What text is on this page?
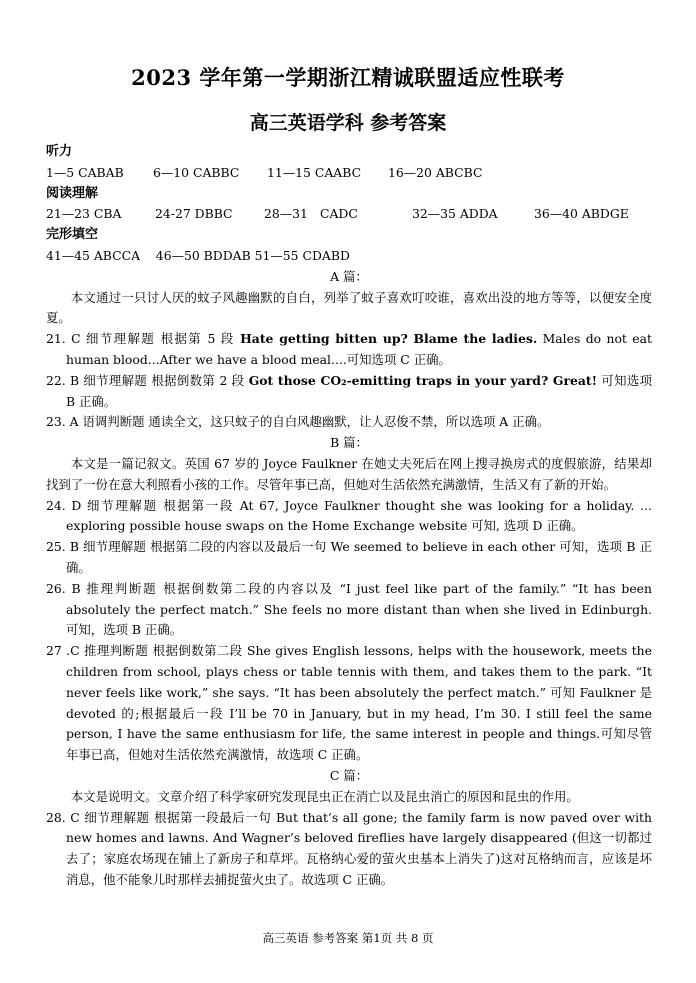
2023 学年第一学期浙江精诚联盟适应性联考
高三英语学科 参考答案
听力
1—5 CABAB	6—10 CABBC	11—15 CAABC	16—20 ABCBC
阅读理解
21—23 CBA	24-27 DBBC	28—31 CADC	32—35 ADDA	36—40 ABDGE
完形填空
41—45 ABCCA    46—50 BDDAB 51—55 CDABD
A 篇：
本文通过一只讨人厌的蚊子风趣幽默的自白，列举了蚊子喜欢叮咬谁，喜欢出没的地方等等，以便安全度夏。
21. C 细节理解题 根据第 5 段 Hate getting bitten up? Blame the ladies. Males do not eat human blood...After we have a blood meal....可知选项 C 正确。
22. B 细节理解题 根据倒数第 2 段 Got those CO₂-emitting traps in your yard? Great! 可知选项 B 正确。
23. A 语调判断题 通读全文，这只蚊子的自白风趣幽默，让人忍俊不禁，所以选项 A 正确。
B 篇：
本文是一篇记叙文。英国 67 岁的 Joyce Faulkner 在她丈夫死后在网上搜寻换房式的度假旅游，结果却找到了一份在意大利照看小孩的工作。尽管年事已高，但她对生活依然充满激情，生活又有了新的开始。
24. D 细节理解题 根据第一段 At 67, Joyce Faulkner thought she was looking for a holiday. ... exploring possible house swaps on the Home Exchange website 可知, 选项 D 正确。
25. B 细节理解题 根据第二段的内容以及最后一句 We seemed to believe in each other 可知，选项 B 正确。
26. B 推理判断题 根据倒数第二段的内容以及 “I just feel like part of the family.” “It has been absolutely the perfect match.” She feels no more distant than when she lived in Edinburgh.可知，选项 B 正确。
27 .C 推理判断题 根据倒数第二段 She gives English lessons, helps with the housework, meets the children from school, plays chess or table tennis with them, and takes them to the park. “It never feels like work,” she says. “It has been absolutely the perfect match.” 可知 Faulkner 是 devoted 的;根据最后一段 I’ll be 70 in January, but in my head, I’m 30. I still feel the same person, I have the same enthusiasm for life, the same interest in people and things.可知尽管年事已高，但她对生活依然充满激情，故选项 C 正确。
C 篇：
本文是说明文。文章介绍了科学家研究发现昆虫正在消亡以及昆虫消亡的原因和昆虫的作用。
28. C 细节理解题 根据第一段最后一句 But that’s all gone; the family farm is now paved over with new homes and lawns. And Wagner’s beloved fireflies have largely disappeared (但这一切都过去了；家庭农场现在铺上了新房子和草坪。瓦格纳心爱的萤火虫基本上消失了)这对瓦格纳而言，应该是坏消息，他不能象儿时那样去捕捉萤火虫了。故选项 C 正确。
高三英语 参考答案 第1页 共 8 页
